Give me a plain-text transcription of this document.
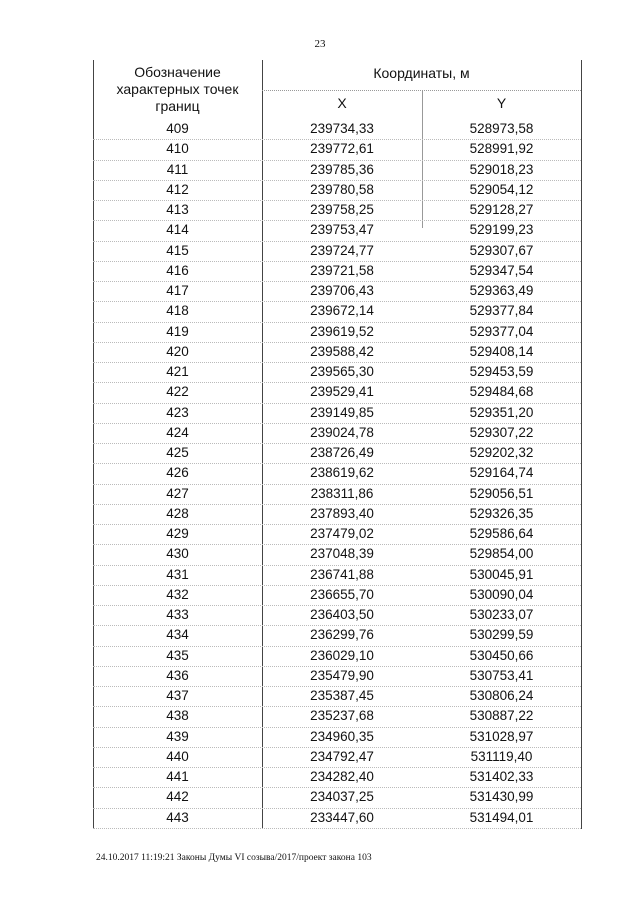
23
Обозначение характерных точек границ
Координаты, м
X	Y
409	239734,33	528973,58
410	239772,61	528991,92
411	239785,36	529018,23
412	239780,58	529054,12
413	239758,25	529128,27
414	239753,47	529199,23
415	239724,77	529307,67
416	239721,58	529347,54
417	239706,43	529363,49
418	239672,14	529377,84
419	239619,52	529377,04
420	239588,42	529408,14
421	239565,30	529453,59
422	239529,41	529484,68
423	239149,85	529351,20
424	239024,78	529307,22
425	238726,49	529202,32
426	238619,62	529164,74
427	238311,86	529056,51
428	237893,40	529326,35
429	237479,02	529586,64
430	237048,39	529854,00
431	236741,88	530045,91
432	236655,70	530090,04
433	236403,50	530233,07
434	236299,76	530299,59
435	236029,10	530450,66
436	235479,90	530753,41
437	235387,45	530806,24
438	235237,68	530887,22
439	234960,35	531028,97
440	234792,47	531119,40
441	234282,40	531402,33
442	234037,25	531430,99
443	233447,60	531494,01
24.10.2017 11:19:21 Законы Думы VI созыва/2017/проект закона 103
